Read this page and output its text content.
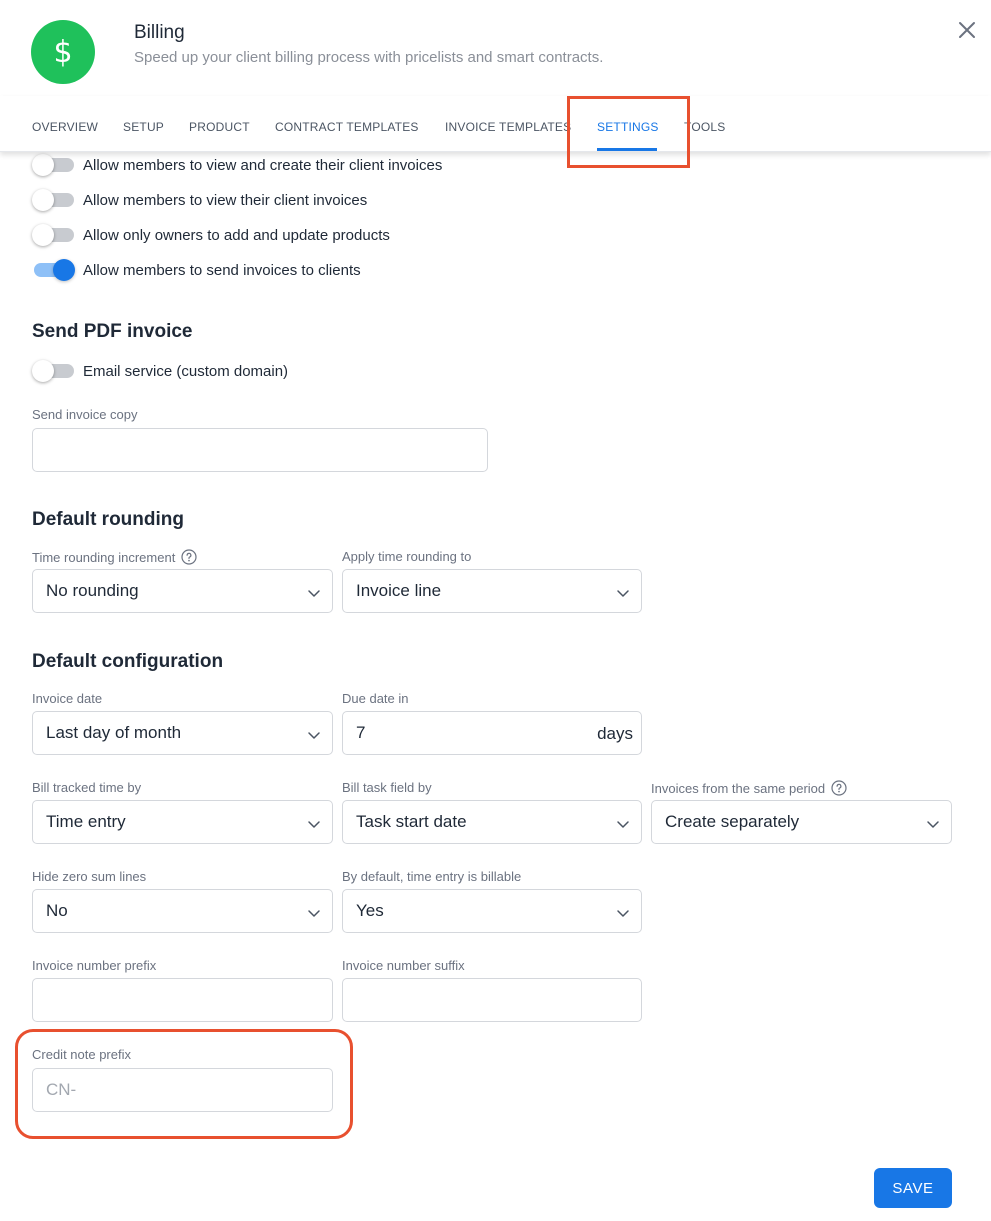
$
Billing
Speed up your client billing process with pricelists and smart contracts.
OVERVIEW SETUP PRODUCT CONTRACT TEMPLATES INVOICE TEMPLATES SETTINGS TOOLS
Allow members to view and create their client invoices
Allow members to view their client invoices
Allow only owners to add and update products
Allow members to send invoices to clients
Send PDF invoice
Email service (custom domain)
Send invoice copy
Default rounding
Time rounding increment
No rounding
Apply time rounding to
Invoice line
Default configuration
Invoice date
Last day of month
Due date in
7	days
Bill tracked time by
Time entry
Bill task field by
Task start date
Invoices from the same period
Create separately
Hide zero sum lines
No
By default, time entry is billable
Yes
Invoice number prefix	Invoice number suffix
Credit note prefix
CN-
SAVE
